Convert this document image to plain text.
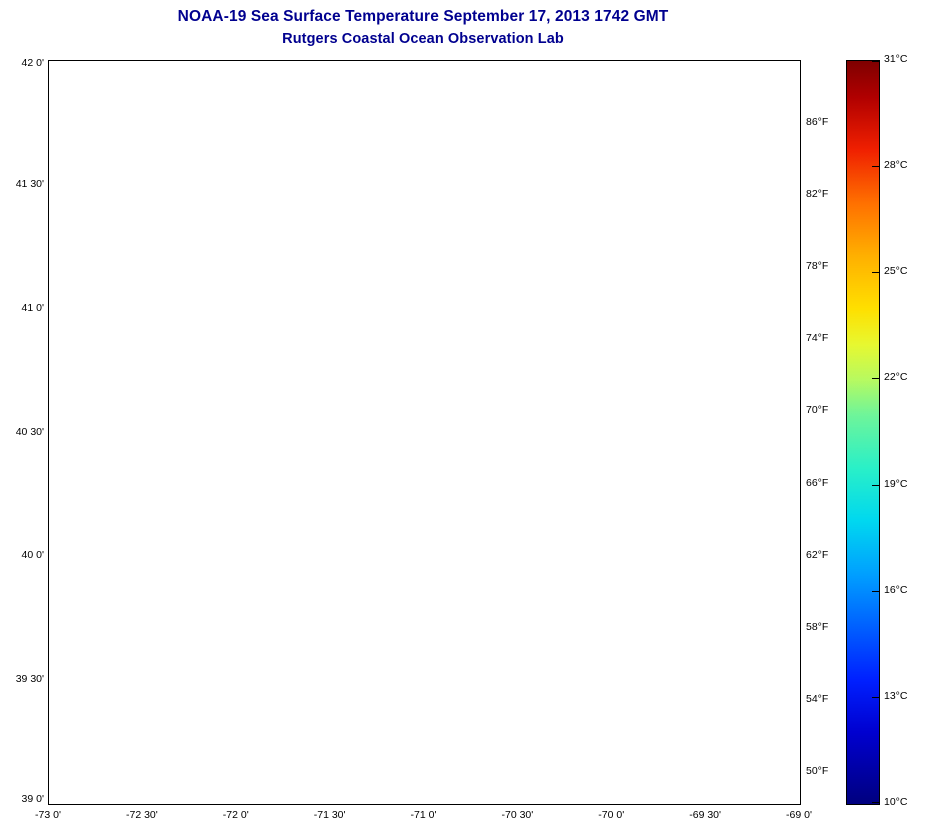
NOAA-19 Sea Surface Temperature September 17, 2013 1742 GMT
Rutgers Coastal Ocean Observation Lab
42 0'
41 30'
41 0'
40 30'
40 0'
39 30'
39 0'
86°F
82°F
78°F
74°F
70°F
66°F
62°F
58°F
54°F
50°F
-73 0'	-72 30'	-72 0'	-71 30'	-71 0'	-70 30'	-70 0'	-69 30'	-69 0'
31°C
28°C
25°C
22°C
19°C
16°C
13°C
10°C
